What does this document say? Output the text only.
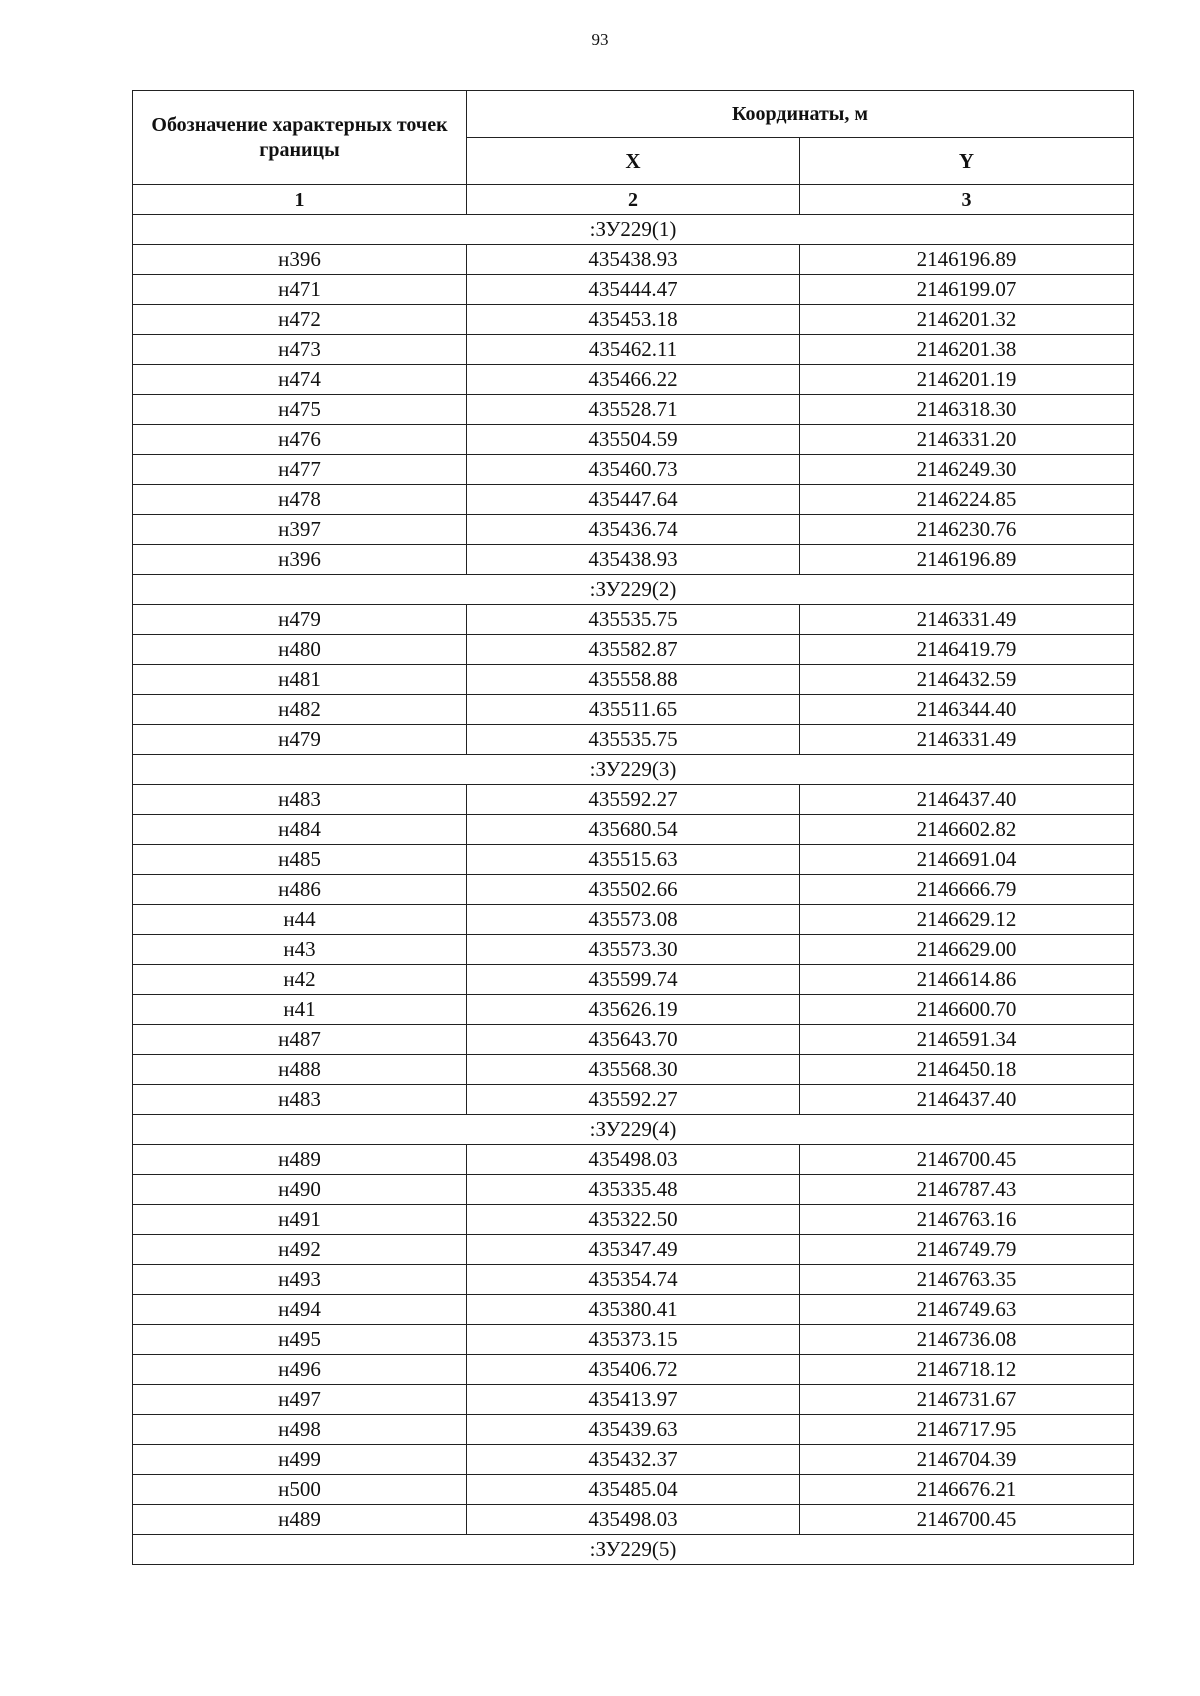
93
Обозначение характерных точек границы	Координаты, м	
	X	Y
1	2	3
:ЗУ229(1)		
н396	435438.93	2146196.89
н471	435444.47	2146199.07
н472	435453.18	2146201.32
н473	435462.11	2146201.38
н474	435466.22	2146201.19
н475	435528.71	2146318.30
н476	435504.59	2146331.20
н477	435460.73	2146249.30
н478	435447.64	2146224.85
н397	435436.74	2146230.76
н396	435438.93	2146196.89
:ЗУ229(2)		
н479	435535.75	2146331.49
н480	435582.87	2146419.79
н481	435558.88	2146432.59
н482	435511.65	2146344.40
н479	435535.75	2146331.49
:ЗУ229(3)		
н483	435592.27	2146437.40
н484	435680.54	2146602.82
н485	435515.63	2146691.04
н486	435502.66	2146666.79
н44	435573.08	2146629.12
н43	435573.30	2146629.00
н42	435599.74	2146614.86
н41	435626.19	2146600.70
н487	435643.70	2146591.34
н488	435568.30	2146450.18
н483	435592.27	2146437.40
:ЗУ229(4)		
н489	435498.03	2146700.45
н490	435335.48	2146787.43
н491	435322.50	2146763.16
н492	435347.49	2146749.79
н493	435354.74	2146763.35
н494	435380.41	2146749.63
н495	435373.15	2146736.08
н496	435406.72	2146718.12
н497	435413.97	2146731.67
н498	435439.63	2146717.95
н499	435432.37	2146704.39
н500	435485.04	2146676.21
н489	435498.03	2146700.45
:ЗУ229(5)		
